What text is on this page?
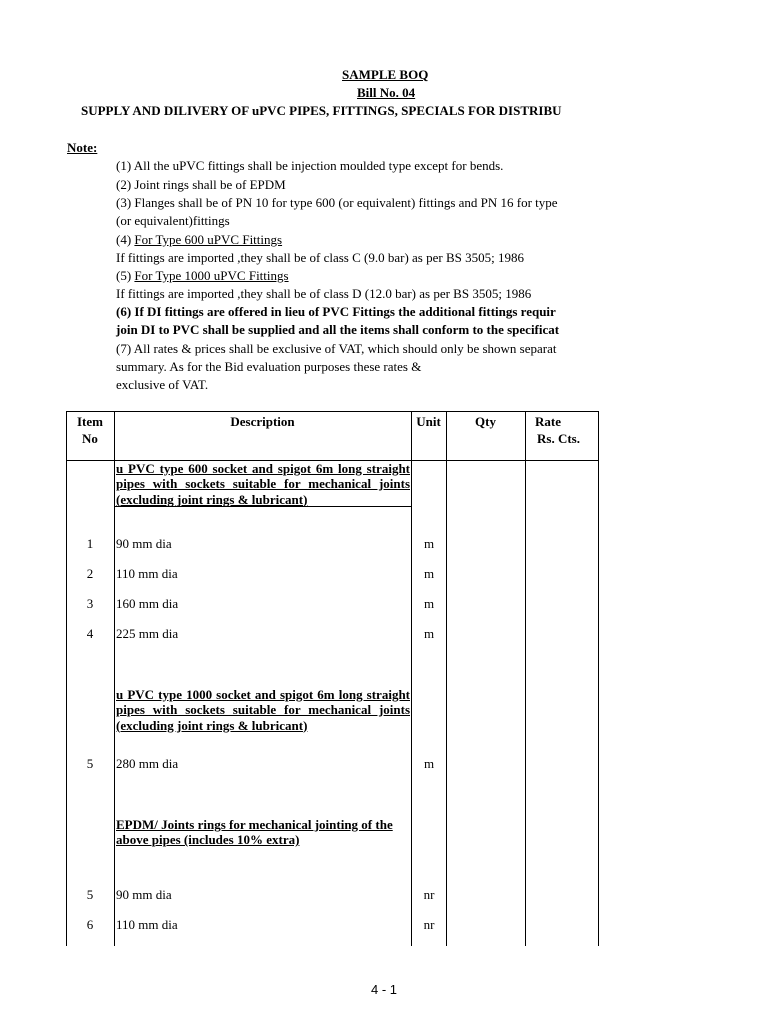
SAMPLE BOQ
Bill No. 04
SUPPLY AND DILIVERY OF uPVC PIPES, FITTINGS, SPECIALS FOR DISTRIBU
Note:
(1) All the uPVC fittings shall be injection moulded type except for bends.
(2) Joint rings shall be of EPDM
(3) Flanges shall be of PN 10 for type 600 (or equivalent) fittings and PN 16 for type
(or equivalent)fittings
(4) For Type 600 uPVC Fittings
If fittings are imported ,they shall be of class C (9.0 bar) as per BS 3505; 1986
(5) For Type 1000 uPVC Fittings
If fittings are imported ,they shall be of class D (12.0 bar) as per BS 3505; 1986
(6) If DI fittings are offered in lieu of PVC Fittings the additional fittings requir
join DI to PVC shall be supplied and all the items shall conform to the specificat
(7) All rates & prices shall be exclusive of VAT, which should only be shown separat
summary. As for the Bid evaluation purposes these rates &
exclusive of VAT.
Item
No
Description	Unit	Qty	Rate
Rs. Cts.
u PVC type 600 socket and spigot 6m long straight pipes with sockets suitable for mechanical joints (excluding joint rings & lubricant)
1	90 mm dia	m
2	110 mm dia	m
3	160 mm dia	m
4	225 mm dia	m
u PVC type 1000 socket and spigot 6m long straight pipes with sockets suitable for mechanical joints (excluding joint rings & lubricant)
5	280 mm dia	m
EPDM/ Joints rings for mechanical jointing of the above pipes (includes 10% extra)
5	90 mm dia	nr
6	110 mm dia	nr
4 - 1
